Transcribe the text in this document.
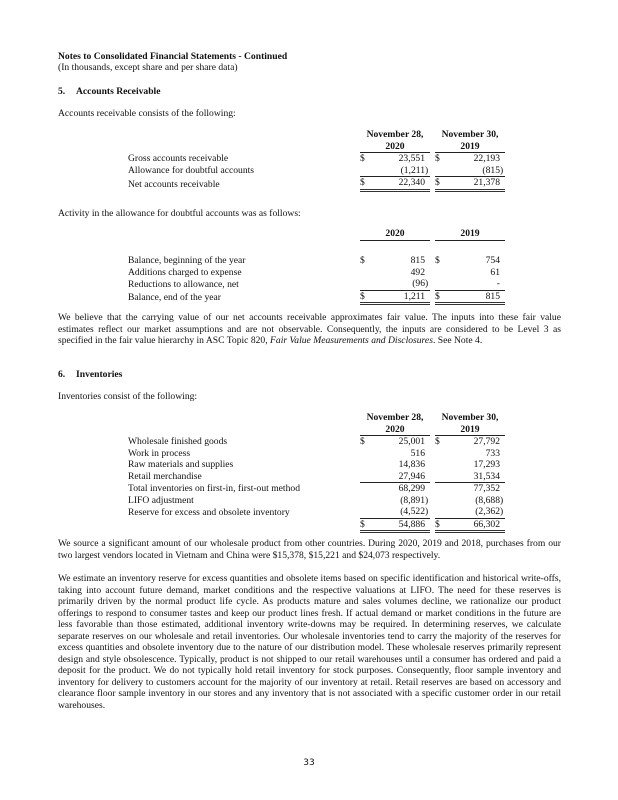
Notes to Consolidated Financial Statements - Continued
(In thousands, except share and per share data)
5. Accounts Receivable
Accounts receivable consists of the following:
	November 28,				November 30,		
	2020				2019		
Gross accounts receivable	$	23,551			$	22,193	
Allowance for doubtful accounts		(1,211	)			(815	)
Net accounts receivable	$	22,340			$	21,378	
Activity in the allowance for doubtful accounts was as follows:
	2020				2019		

Balance, beginning of the year	$	815			$	754	
Additions charged to expense		492				61	
Reductions to allowance, net		(96	)			-	
Balance, end of the year	$	1,211			$	815	
We believe that the carrying value of our net accounts receivable approximates fair value. The inputs into these fair value estimates reflect our market assumptions and are not observable. Consequently, the inputs are considered to be Level 3 as specified in the fair value hierarchy in ASC Topic 820, Fair Value Measurements and Disclosures. See Note 4.
6. Inventories
Inventories consist of the following:
	November 28,				November 30,		
	2020				2019		
Wholesale finished goods	$	25,001			$	27,792	
Work in process		516				733	
Raw materials and supplies		14,836				17,293	
Retail merchandise		27,946				31,534	
Total inventories on first-in, first-out method		68,299				77,352	
LIFO adjustment		(8,891	)			(8,688	)
Reserve for excess and obsolete inventory		(4,522	)			(2,362	)
	$	54,886			$	66,302	
We source a significant amount of our wholesale product from other countries. During 2020, 2019 and 2018, purchases from our two largest vendors located in Vietnam and China were $15,378, $15,221 and $24,073 respectively.
We estimate an inventory reserve for excess quantities and obsolete items based on specific identification and historical write-offs, taking into account future demand, market conditions and the respective valuations at LIFO. The need for these reserves is primarily driven by the normal product life cycle. As products mature and sales volumes decline, we rationalize our product offerings to respond to consumer tastes and keep our product lines fresh. If actual demand or market conditions in the future are less favorable than those estimated, additional inventory write-downs may be required. In determining reserves, we calculate separate reserves on our wholesale and retail inventories. Our wholesale inventories tend to carry the majority of the reserves for excess quantities and obsolete inventory due to the nature of our distribution model. These wholesale reserves primarily represent design and style obsolescence. Typically, product is not shipped to our retail warehouses until a consumer has ordered and paid a deposit for the product. We do not typically hold retail inventory for stock purposes. Consequently, floor sample inventory and inventory for delivery to customers account for the majority of our inventory at retail. Retail reserves are based on accessory and clearance floor sample inventory in our stores and any inventory that is not associated with a specific customer order in our retail warehouses.
33
